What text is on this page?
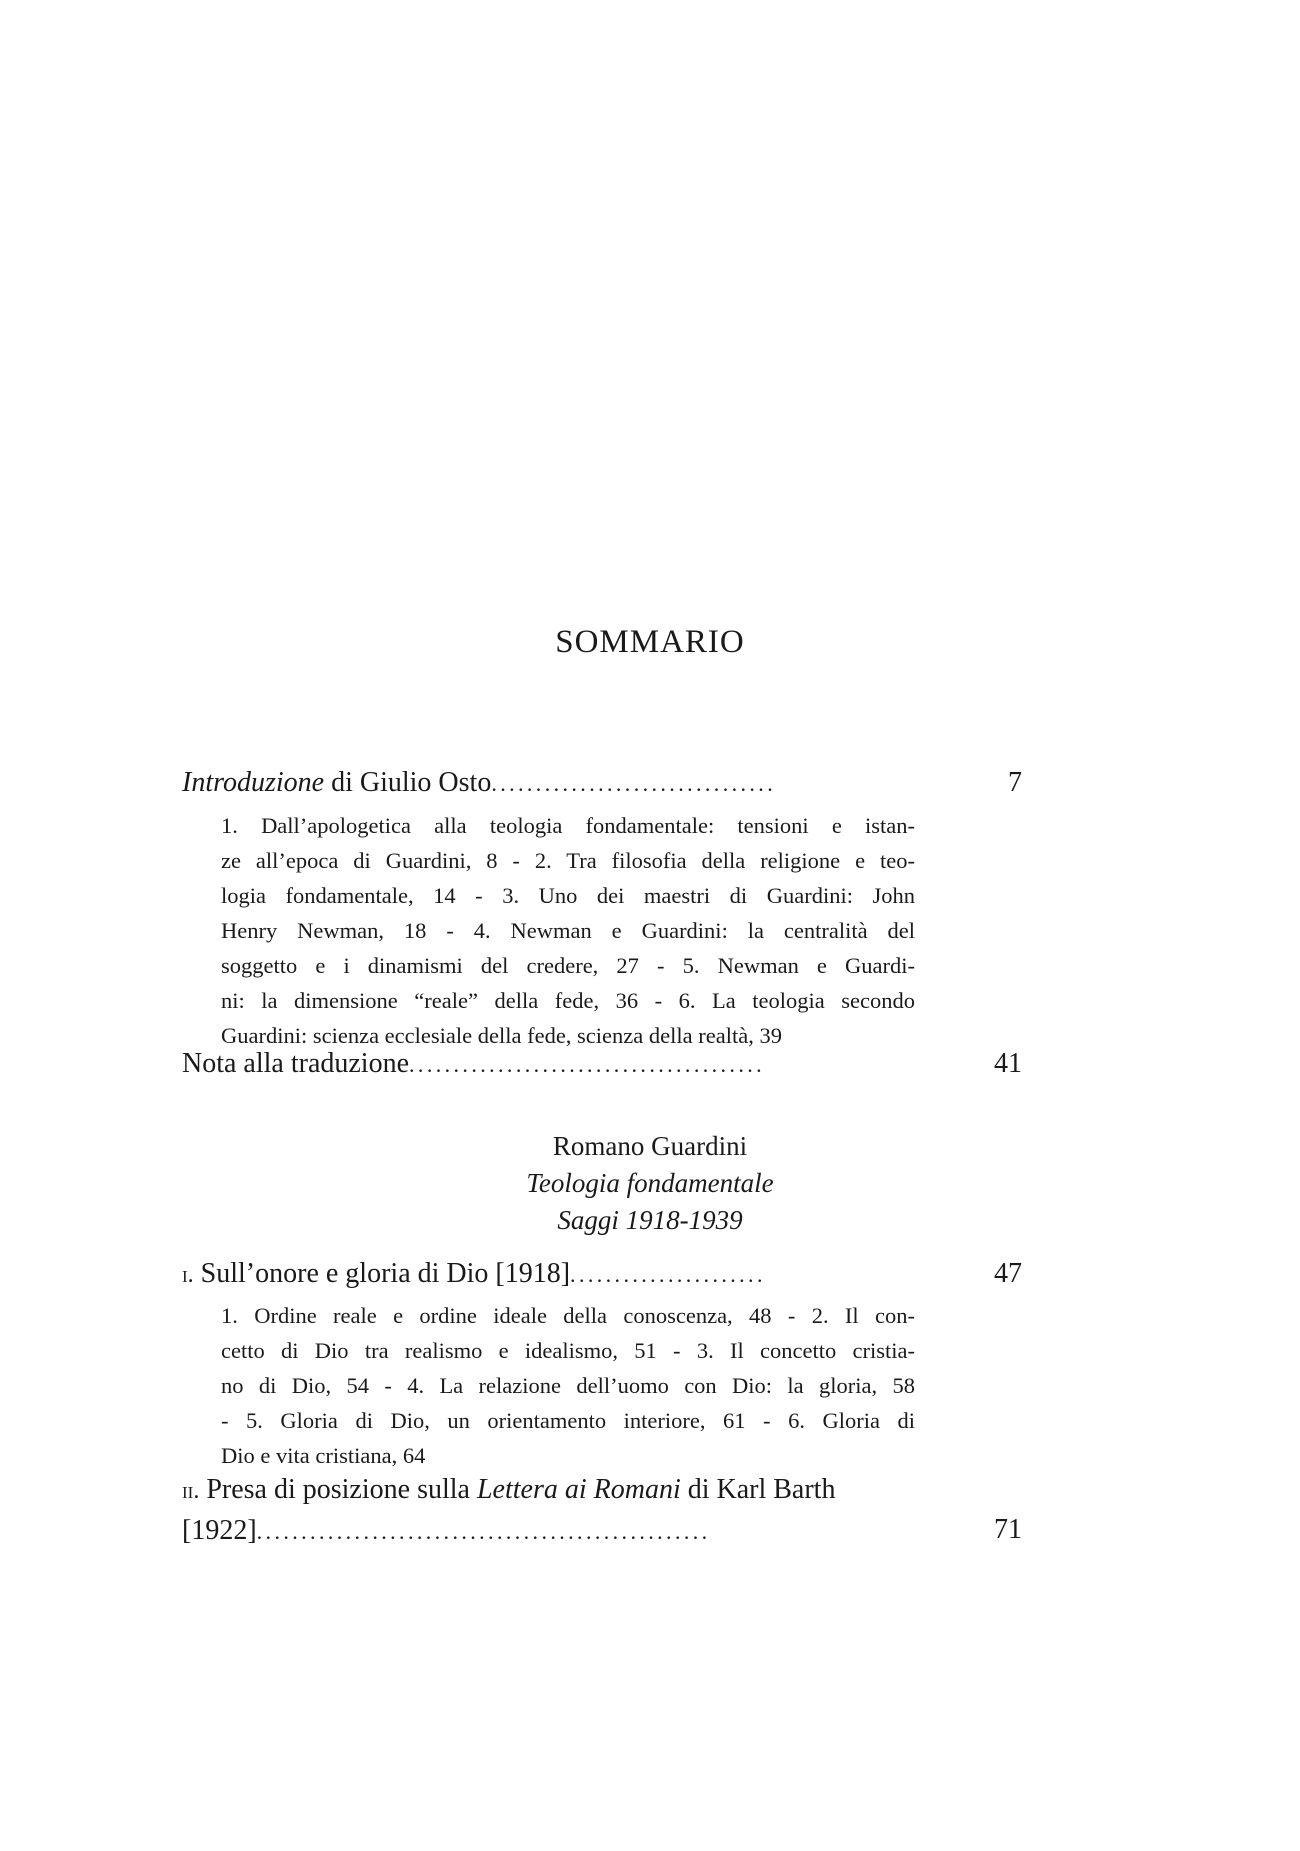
SOMMARIO
Introduzione di Giulio Osto ................................	7
1. Dall’apologetica alla teologia fondamentale: tensioni e istan-
ze all’epoca di Guardini, 8 - 2. Tra filosofia della religione e teo-
logia fondamentale, 14 - 3. Uno dei maestri di Guardini: John
Henry Newman, 18 - 4. Newman e Guardini: la centralità del
soggetto e i dinamismi del credere, 27 - 5. Newman e Guardi-
ni: la dimensione “reale” della fede, 36 - 6. La teologia secondo
Guardini: scienza ecclesiale della fede, scienza della realtà, 39
Nota alla traduzione ........................................	41
Romano Guardini
Teologia fondamentale
Saggi 1918-1939
i. Sull’onore e gloria di Dio [1918] ......................	47
1. Ordine reale e ordine ideale della conoscenza, 48 - 2. Il con-
cetto di Dio tra realismo e idealismo, 51 - 3. Il concetto cristia-
no di Dio, 54 - 4. La relazione dell’uomo con Dio: la gloria, 58
- 5. Gloria di Dio, un orientamento interiore, 61 - 6. Gloria di
Dio e vita cristiana, 64
ii. Presa di posizione sulla Lettera ai Romani di Karl Barth
[1922] ...................................................	71
